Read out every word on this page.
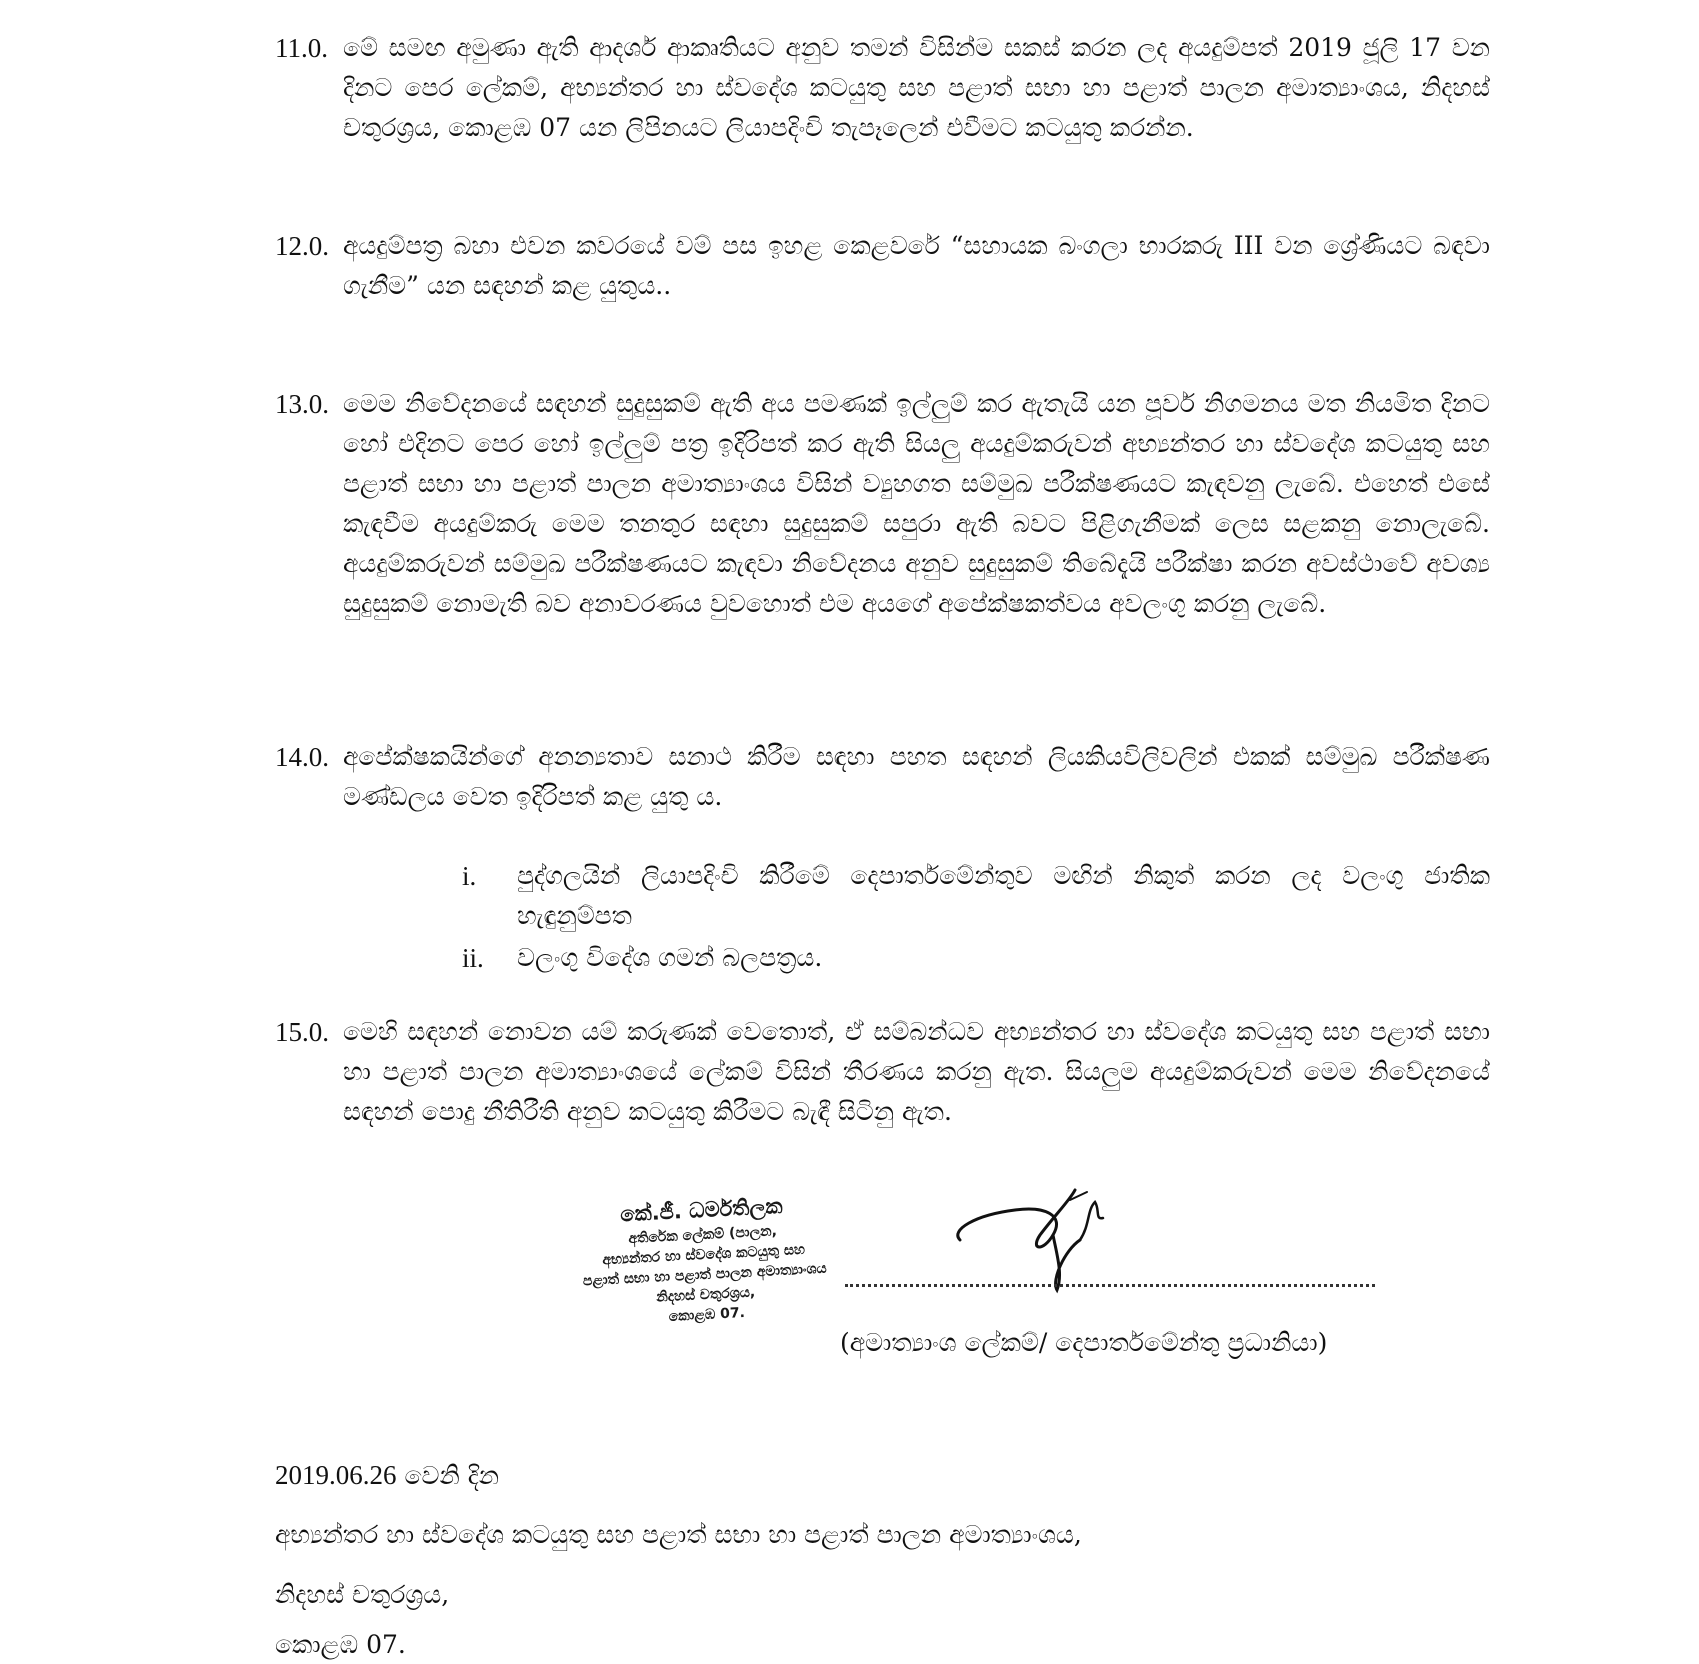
11.0. මේ සමඟ අමුණා ඇති ආදර්ශ ආකෘතියට අනුව තමන් විසින්ම සකස් කරන ලද අයදුම්පත් 2019 ජූලි 17 වන දිනට පෙර ලේකම්, අභ්‍යන්තර හා ස්වදේශ කටයුතු සහ පළාත් සභා හා පළාත් පාලන අමාත්‍යාංශය, නිදහස් චතුරශ්‍රය, කොළඹ 07 යන ලිපිනයට ලියාපදිංචි තැපෑලෙන් එවීමට කටයුතු කරන්න.
12.0. අයදුම්පත්‍ර බහා එවන කවරයේ වම් පස ඉහළ කෙළවරේ “සහායක බංගලා භාරකරු III වන ශ්‍රේණියට බඳවා ගැනීම” යන සඳහන් කළ යුතුය..
13.0. මෙම නිවේදනයේ සඳහන් සුදුසුකම් ඇති අය පමණක් ඉල්ලුම් කර ඇතැයි යන පූර්ව නිගමනය මත නියමිත දිනට හෝ එදිනට පෙර හෝ ඉල්ලුම් පත්‍ර ඉදිරිපත් කර ඇති සියලු අයදුම්කරුවන් අභ්‍යන්තර හා ස්වදේශ කටයුතු සහ පළාත් සභා හා පළාත් පාලන අමාත්‍යාංශය විසින් ව්‍යුහගත සම්මුඛ පරීක්ෂණයට කැඳවනු ලැබේ. එහෙත් එසේ කැඳවීම අයදුම්කරු මෙම තනතුර සඳහා සුදුසුකම් සපුරා ඇති බවට පිළිගැනීමක් ලෙස සළකනු නොලැබේ. අයදුම්කරුවන් සම්මුඛ පරීක්ෂණයට කැඳවා නිවේදනය අනුව සුදුසුකම් තිබේදැයි පරීක්ෂා කරන අවස්ථාවේ අවශ්‍ය සුදුසුකම් නොමැති බව අනාවරණය වුවහොත් එම අයගේ අපේක්ෂකත්වය අවලංගු කරනු ලැබේ.
14.0. අපේක්ෂකයින්ගේ අනන්‍යතාව සනාථ කිරීම සඳහා පහත සඳහන් ලියකියවිලිවලින් එකක් සම්මුඛ පරීක්ෂණ මණ්ඩලය වෙත ඉදිරිපත් කළ යුතු ය.
i. පුද්ගලයින් ලියාපදිංචි කිරීමේ දෙපාර්තමේන්තුව මඟින් නිකුත් කරන ලද වලංගු ජාතික හැඳුනුම්පත
ii. වලංගු විදේශ ගමන් බලපත්‍රය.
15.0. මෙහි සඳහන් නොවන යම් කරුණක් වෙතොත්, ඒ සම්බන්ධව අභ්‍යන්තර හා ස්වදේශ කටයුතු සහ පළාත් සභා හා පළාත් පාලන අමාත්‍යාංශයේ ලේකම් විසින් තීරණය කරනු ඇත. සියලුම අයදුම්කරුවන් මෙම නිවේදනයේ සඳහන් පොදු නීතිරීති අනුව කටයුතු කිරීමට බැඳී සිටිනු ඇත.
කේ.ජී. ධර්මතිලක
අතිරේක ලේකම් (පාලන,
අභ්‍යන්තර හා ස්වදේශ කටයුතු සහ
පළාත් සභා හා පළාත් පාලන අමාත්‍යාංශය
නිදහස් චතුරශ්‍රය,
කොළඹ 07.
(අමාත්‍යාංශ ලේකම්/ දෙපාර්තමේන්තු ප්‍රධානියා)
2019.06.26 වෙනි දින
අභ්‍යන්තර හා ස්වදේශ කටයුතු සහ පළාත් සභා හා පළාත් පාලන අමාත්‍යාංශය,
නිදහස් චතුරශ්‍රය,
කොළඹ 07.
